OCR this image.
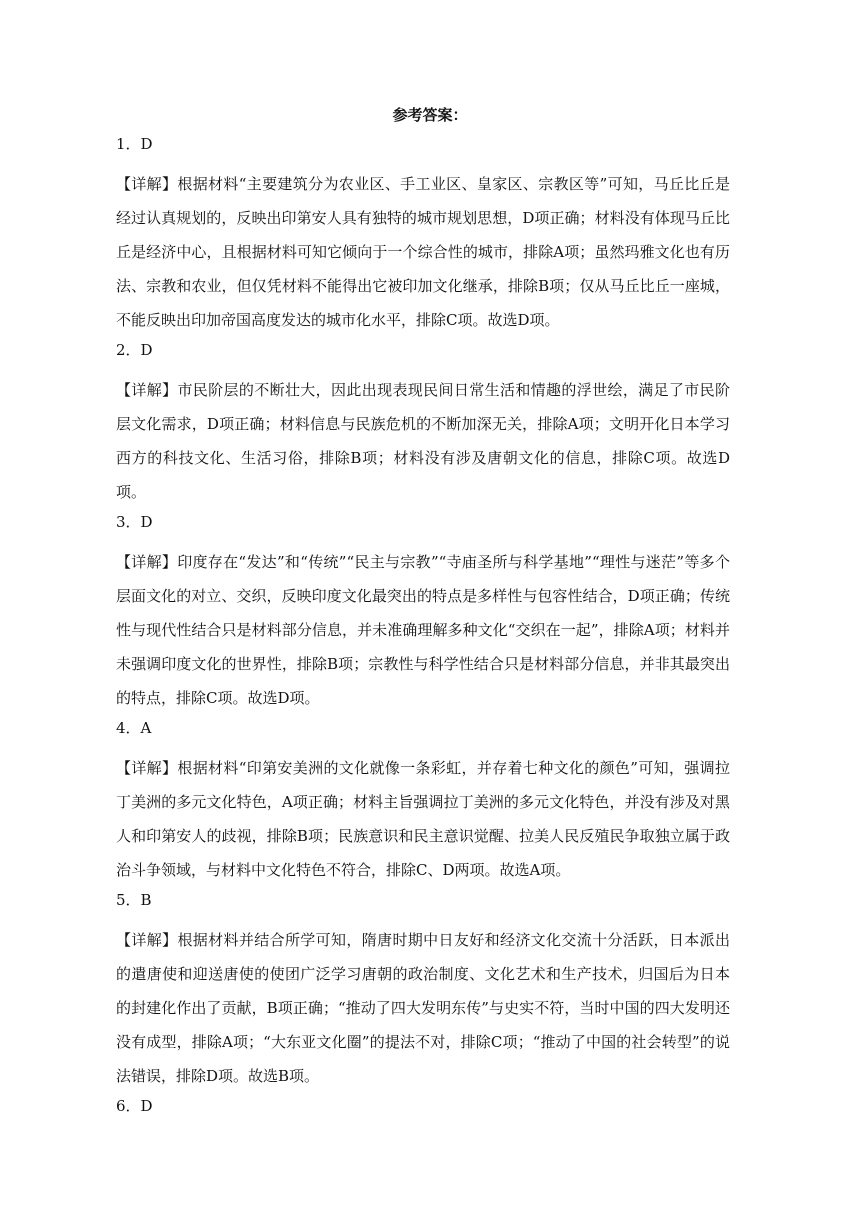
参考答案：
1．D

【详解】根据材料“主要建筑分为农业区、手工业区、皇家区、宗教区等”可知，马丘比丘是经过认真规划的，反映出印第安人具有独特的城市规划思想，D项正确；材料没有体现马丘比丘是经济中心，且根据材料可知它倾向于一个综合性的城市，排除A项；虽然玛雅文化也有历法、宗教和农业，但仅凭材料不能得出它被印加文化继承，排除B项；仅从马丘比丘一座城，不能反映出印加帝国高度发达的城市化水平，排除C项。故选D项。

2．D

【详解】市民阶层的不断壮大，因此出现表现民间日常生活和情趣的浮世绘，满足了市民阶层文化需求，D项正确；材料信息与民族危机的不断加深无关，排除A项；文明开化日本学习西方的科技文化、生活习俗，排除B项；材料没有涉及唐朝文化的信息，排除C项。故选D项。

3．D

【详解】印度存在“发达”和“传统”“民主与宗教”“寺庙圣所与科学基地”“理性与迷茫”等多个层面文化的对立、交织，反映印度文化最突出的特点是多样性与包容性结合，D项正确；传统性与现代性结合只是材料部分信息，并未准确理解多种文化“交织在一起”，排除A项；材料并未强调印度文化的世界性，排除B项；宗教性与科学性结合只是材料部分信息，并非其最突出的特点，排除C项。故选D项。

4．A

【详解】根据材料“印第安美洲的文化就像一条彩虹，并存着七种文化的颜色”可知，强调拉丁美洲的多元文化特色，A项正确；材料主旨强调拉丁美洲的多元文化特色，并没有涉及对黑人和印第安人的歧视，排除B项；民族意识和民主意识觉醒、拉美人民反殖民争取独立属于政治斗争领域，与材料中文化特色不符合，排除C、D两项。故选A项。

5．B

【详解】根据材料并结合所学可知，隋唐时期中日友好和经济文化交流十分活跃，日本派出的遣唐使和迎送唐使的使团广泛学习唐朝的政治制度、文化艺术和生产技术，归国后为日本的封建化作出了贡献，B项正确；“推动了四大发明东传”与史实不符，当时中国的四大发明还没有成型，排除A项；“大东亚文化圈”的提法不对，排除C项；“推动了中国的社会转型”的说法错误，排除D项。故选B项。

6．D
